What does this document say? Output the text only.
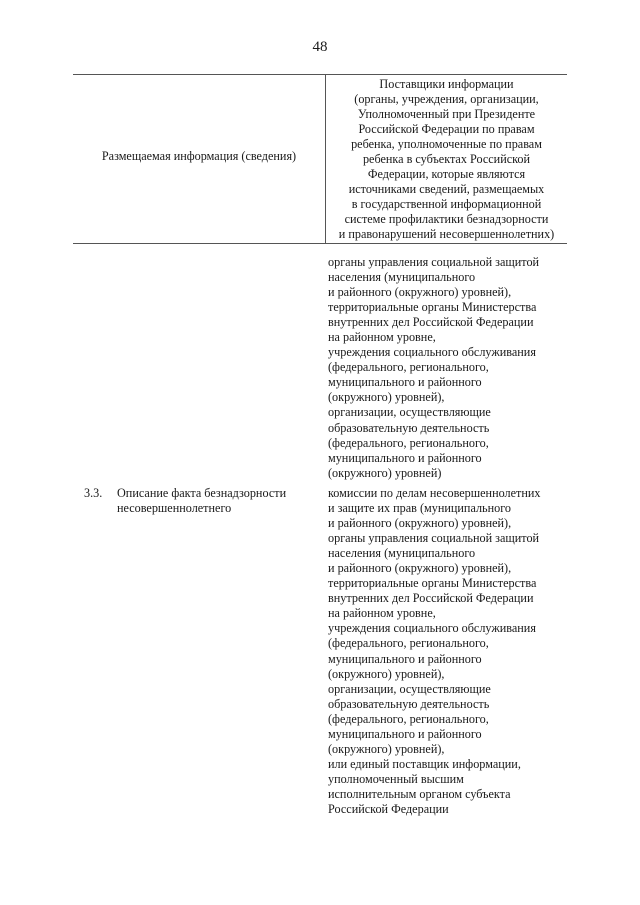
48
Размещаемая информация (сведения)
Поставщики информации
(органы, учреждения, организации,
Уполномоченный при Президенте
Российской Федерации по правам
ребенка, уполномоченные по правам
ребенка в субъектах Российской
Федерации, которые являются
источниками сведений, размещаемых
в государственной информационной
системе профилактики безнадзорности
и правонарушений несовершеннолетних)
органы управления социальной защитой
населения (муниципального
и районного (окружного) уровней),
территориальные органы Министерства
внутренних дел Российской Федерации
на районном уровне,
учреждения социального обслуживания
(федерального, регионального,
муниципального и районного
(окружного) уровней),
организации, осуществляющие
образовательную деятельность
(федерального, регионального,
муниципального и районного
(окружного) уровней)
3.3. Описание факта безнадзорности
несовершеннолетнего
комиссии по делам несовершеннолетних
и защите их прав (муниципального
и районного (окружного) уровней),
органы управления социальной защитой
населения (муниципального
и районного (окружного) уровней),
территориальные органы Министерства
внутренних дел Российской Федерации
на районном уровне,
учреждения социального обслуживания
(федерального, регионального,
муниципального и районного
(окружного) уровней),
организации, осуществляющие
образовательную деятельность
(федерального, регионального,
муниципального и районного
(окружного) уровней),
или единый поставщик информации,
уполномоченный высшим
исполнительным органом субъекта
Российской Федерации
